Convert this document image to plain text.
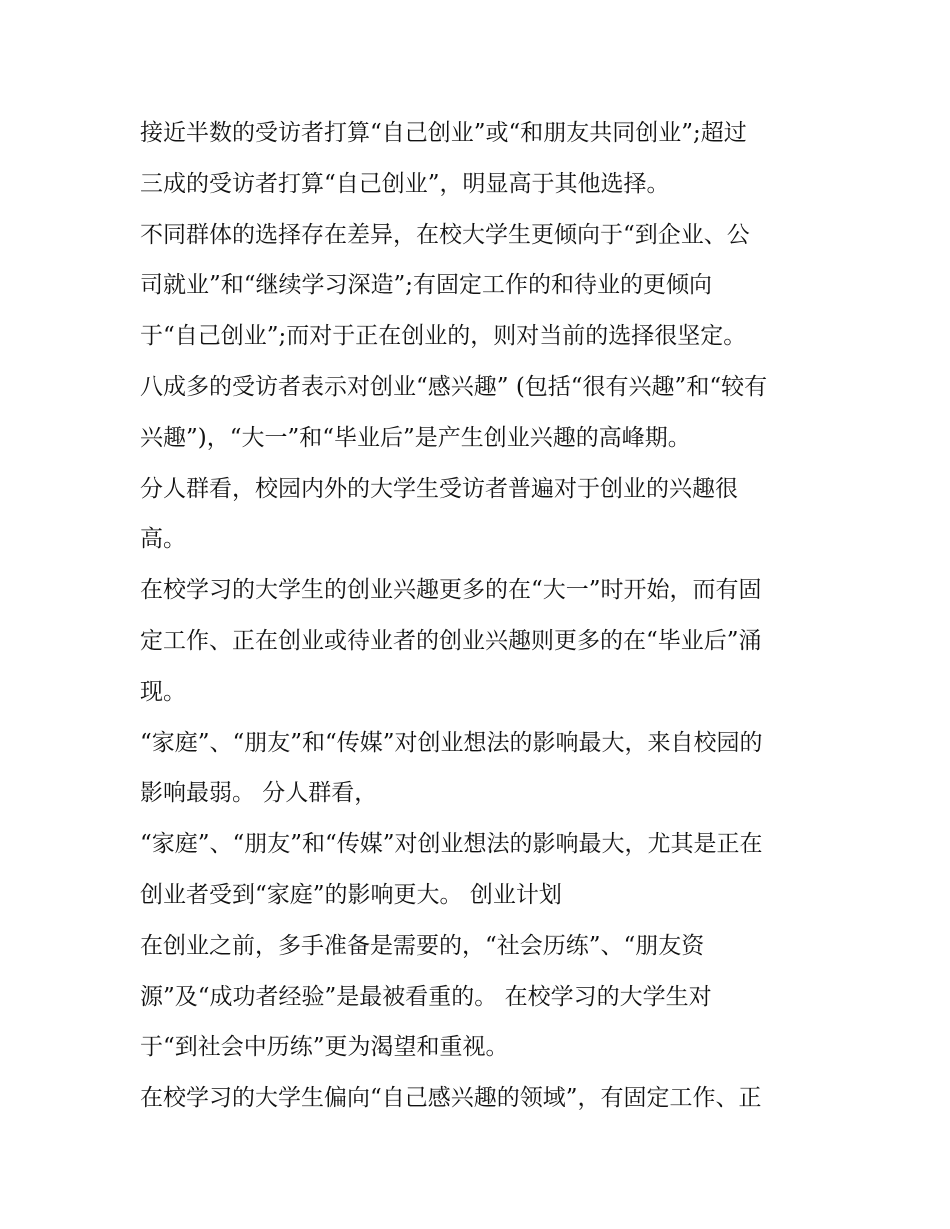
接近半数的受访者打算“自己创业”或“和朋友共同创业”;超过
三成的受访者打算“自己创业”，明显高于其他选择。
不同群体的选择存在差异，在校大学生更倾向于“到企业、公
司就业”和“继续学习深造”;有固定工作的和待业的更倾向
于“自己创业”;而对于正在创业的，则对当前的选择很坚定。
八成多的受访者表示对创业“感兴趣” (包括“很有兴趣”和“较有
兴趣”)，“大一”和“毕业后”是产生创业兴趣的高峰期。
分人群看，校园内外的大学生受访者普遍对于创业的兴趣很
高。
在校学习的大学生的创业兴趣更多的在“大一”时开始，而有固
定工作、正在创业或待业者的创业兴趣则更多的在“毕业后”涌
现。
“家庭”、“朋友”和“传媒”对创业想法的影响最大，来自校园的
影响最弱。 分人群看，
“家庭”、“朋友”和“传媒”对创业想法的影响最大，尤其是正在
创业者受到“家庭”的影响更大。 创业计划
在创业之前，多手准备是需要的，“社会历练”、“朋友资
源”及“成功者经验”是最被看重的。 在校学习的大学生对
于“到社会中历练”更为渴望和重视。
在校学习的大学生偏向“自己感兴趣的领域”，有固定工作、正
